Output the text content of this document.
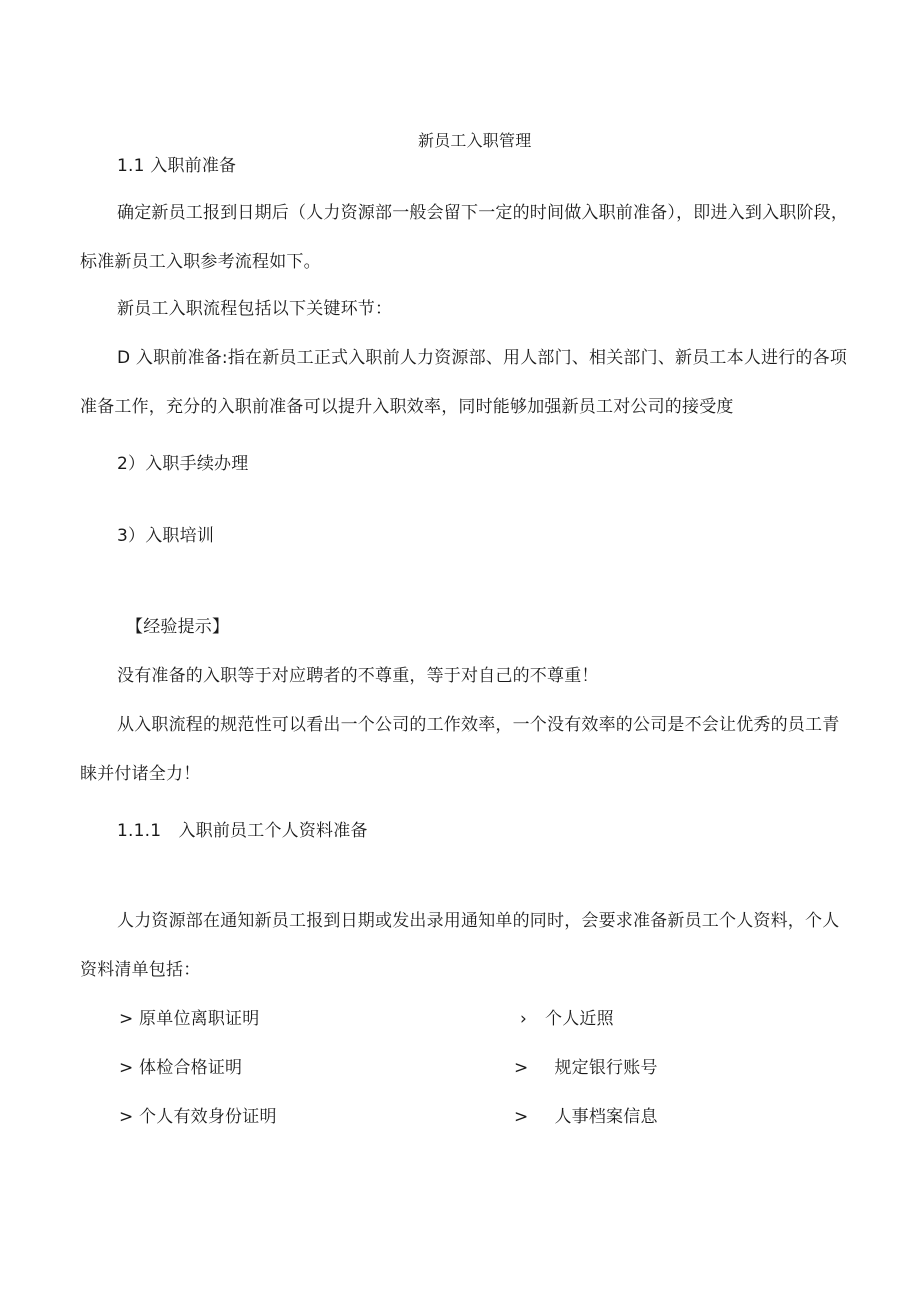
新员工入职管理
1.1 入职前准备
确定新员工报到日期后（人力资源部一般会留下一定的时间做入职前准备），即进入到入职阶段，
标准新员工入职参考流程如下。
新员工入职流程包括以下关键环节：
D 入职前准备:指在新员工正式入职前人力资源部、用人部门、相关部门、新员工本人进行的各项
准备工作，充分的入职前准备可以提升入职效率，同时能够加强新员工对公司的接受度
2）入职手续办理
3）入职培训
【经验提示】
没有准备的入职等于对应聘者的不尊重，等于对自己的不尊重！
从入职流程的规范性可以看出一个公司的工作效率，一个没有效率的公司是不会让优秀的员工青
睐并付诸全力！
1.1.1　入职前员工个人资料准备
人力资源部在通知新员工报到日期或发出录用通知单的同时，会要求准备新员工个人资料，个人
资料清单包括：
> 原单位离职证明
> 体检合格证明
> 个人有效身份证明
› 个人近照
> 规定银行账号
> 人事档案信息
